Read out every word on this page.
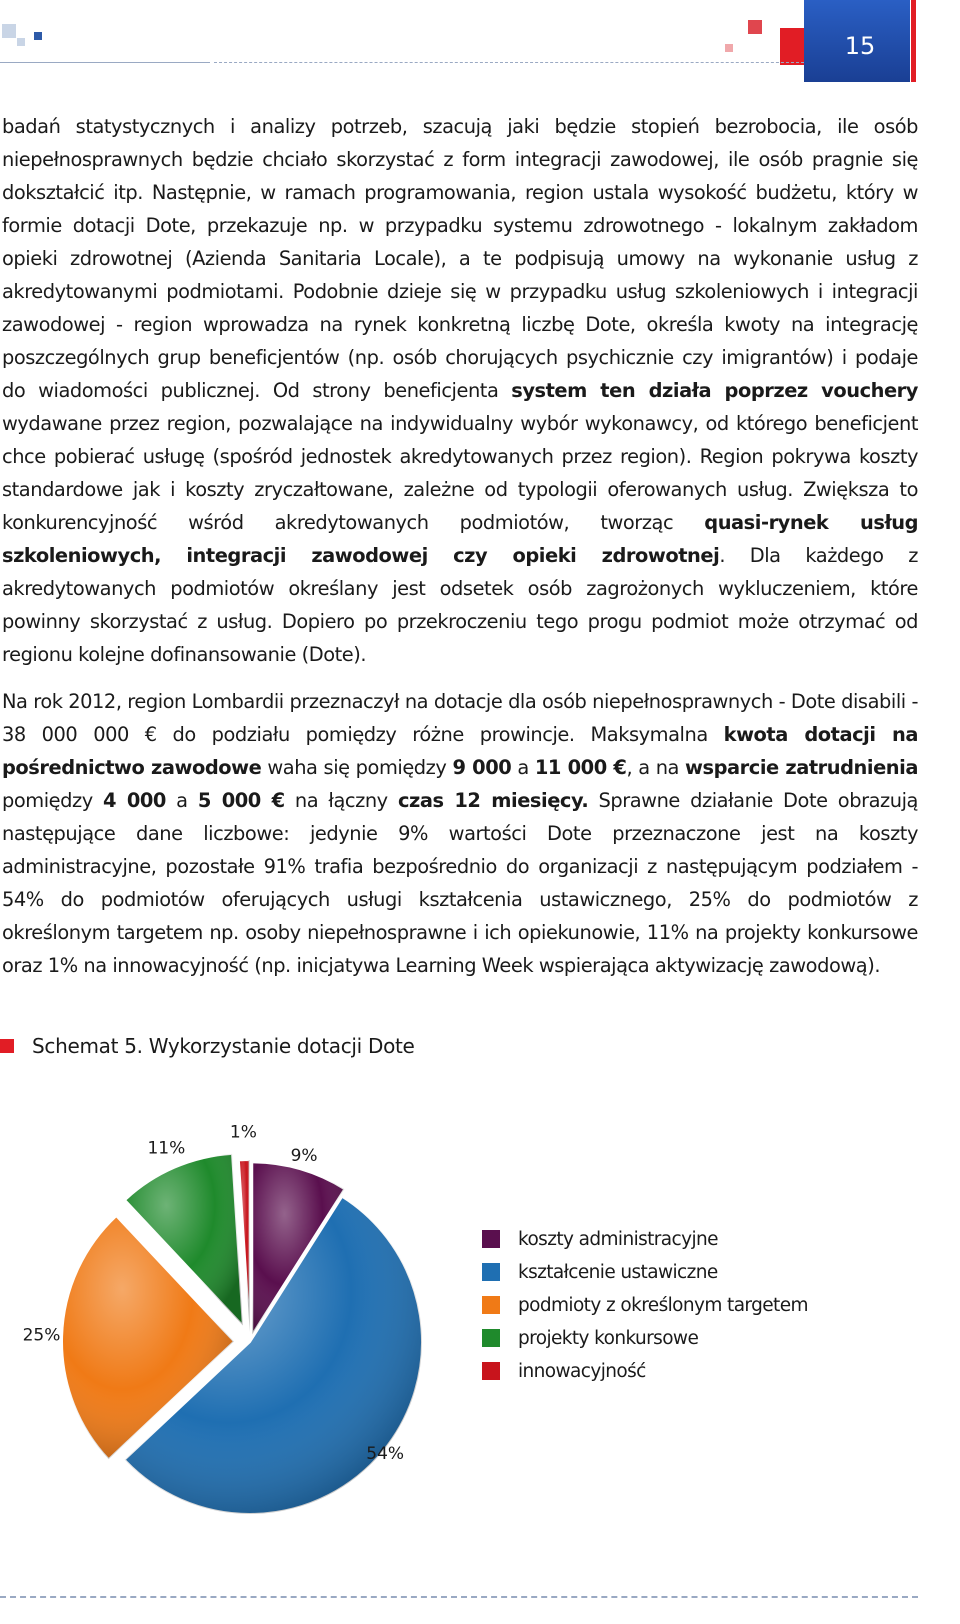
15

badań statystycznych i analizy potrzeb, szacują jaki będzie stopień bezrobocia, ile osób niepełnosprawnych będzie chciało skorzystać z form integracji zawodowej, ile osób pragnie się dokształcić itp. Następnie, w ramach programowania, region ustala wysokość budżetu, który w formie dotacji Dote, przekazuje np. w przypadku systemu zdrowotnego - lokalnym zakładom opieki zdrowotnej (Azienda Sanitaria Locale), a te podpisują umowy na wykonanie usług z akredytowanymi podmiotami. Podobnie dzieje się w przypadku usług szkoleniowych i integracji zawodowej - region wprowadza na rynek konkretną liczbę Dote, określa kwoty na integrację poszczególnych grup beneficjentów (np. osób chorujących psychicznie czy imigrantów) i podaje do wiadomości publicznej. Od strony beneficjenta system ten działa poprzez vouchery wydawane przez region, pozwalające na indywidualny wybór wykonawcy, od którego beneficjent chce pobierać usługę (spośród jednostek akredytowanych przez region). Region pokrywa koszty standardowe jak i koszty zryczałtowane, zależne od typologii oferowanych usług. Zwiększa to konkurencyjność wśród akredytowanych podmiotów, tworząc quasi-rynek usług szkoleniowych, integracji zawodowej czy opieki zdrowotnej. Dla każdego z akredytowanych podmiotów określany jest odsetek osób zagrożonych wykluczeniem, które powinny skorzystać z usług. Dopiero po przekroczeniu tego progu podmiot może otrzymać od regionu kolejne dofinansowanie (Dote).

Na rok 2012, region Lombardii przeznaczył na dotacje dla osób niepełnosprawnych - Dote disabili - 38 000 000 € do podziału pomiędzy różne prowincje. Maksymalna kwota dotacji na pośrednictwo zawodowe waha się pomiędzy 9 000 a 11 000 €, a na wsparcie zatrudnienia pomiędzy 4 000 a 5 000 € na łączny czas 12 miesięcy. Sprawne działanie Dote obrazują następujące dane liczbowe: jedynie 9% wartości Dote przeznaczone jest na koszty administracyjne, pozostałe 91% trafia bezpośrednio do organizacji z następującym podziałem - 54% do podmiotów oferujących usługi kształcenia ustawicznego, 25% do podmiotów z określonym targetem np. osoby niepełnosprawne i ich opiekunowie, 11% na projekty konkursowe oraz 1% na innowacyjność (np. inicjatywa Learning Week wspierająca aktywizację zawodową).

Schemat 5. Wykorzystanie dotacji Dote
9%
54%
25%
11%
1%
koszty administracyjne
kształcenie ustawiczne
podmioty z określonym targetem
projekty konkursowe
innowacyjność
